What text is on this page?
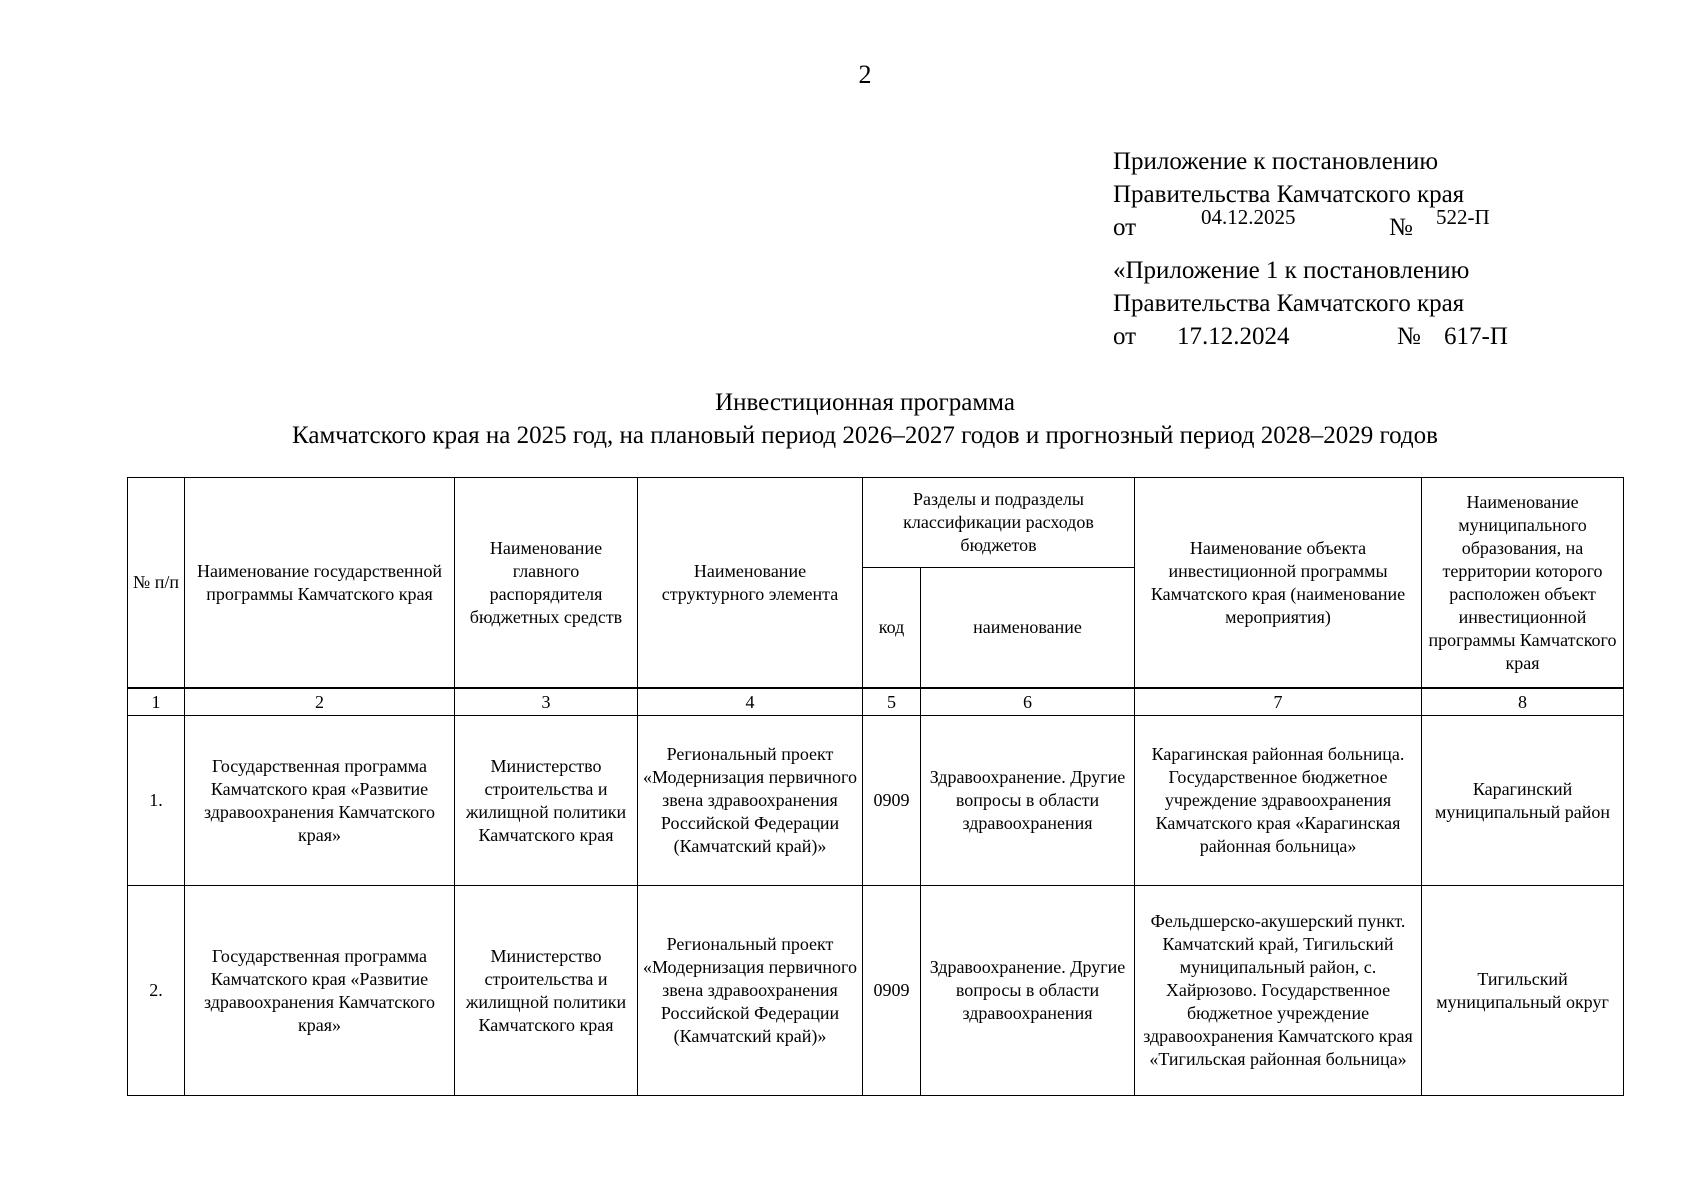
2
Приложение к постановлению
Правительства Камчатского края
от	04.12.2025	№ 522-П
«Приложение 1 к постановлению
Правительства Камчатского края
от 17.12.2024	№ 617-П
Инвестиционная программа
Камчатского края на 2025 год, на плановый период 2026–2027 годов и прогнозный период 2028–2029 годов
№ п/п	Наименование государственной программы Камчатского края	Наименование главного распорядителя бюджетных средств	Наименование структурного элемента	Разделы и подразделы классификации расходов бюджетов		Наименование объекта инвестиционной программы Камчатского края (наименование мероприятия)	Наименование муниципального образования, на территории которого расположен объект инвестиционной программы Камчатского края
				код	наименование		

1	2	3	4	5	6	7	8
1.	Государственная программа Камчатского края «Развитие здравоохранения Камчатского края»	Министерство строительства и жилищной политики Камчатского края	Региональный проект «Модернизация первичного звена здравоохранения Российской Федерации (Камчатский край)»	0909	Здравоохранение. Другие вопросы в области здравоохранения	Карагинская районная больница. Государственное бюджетное учреждение здравоохранения Камчатского края «Карагинская районная больница»	Карагинский муниципальный район
2.	Государственная программа Камчатского края «Развитие здравоохранения Камчатского края»	Министерство строительства и жилищной политики Камчатского края	Региональный проект «Модернизация первичного звена здравоохранения Российской Федерации (Камчатский край)»	0909	Здравоохранение. Другие вопросы в области здравоохранения	Фельдшерско-акушерский пункт. Камчатский край, Тигильский муниципальный район, с. Хайрюзово. Государственное бюджетное учреждение здравоохранения Камчатского края «Тигильская районная больница»	Тигильский муниципальный округ
